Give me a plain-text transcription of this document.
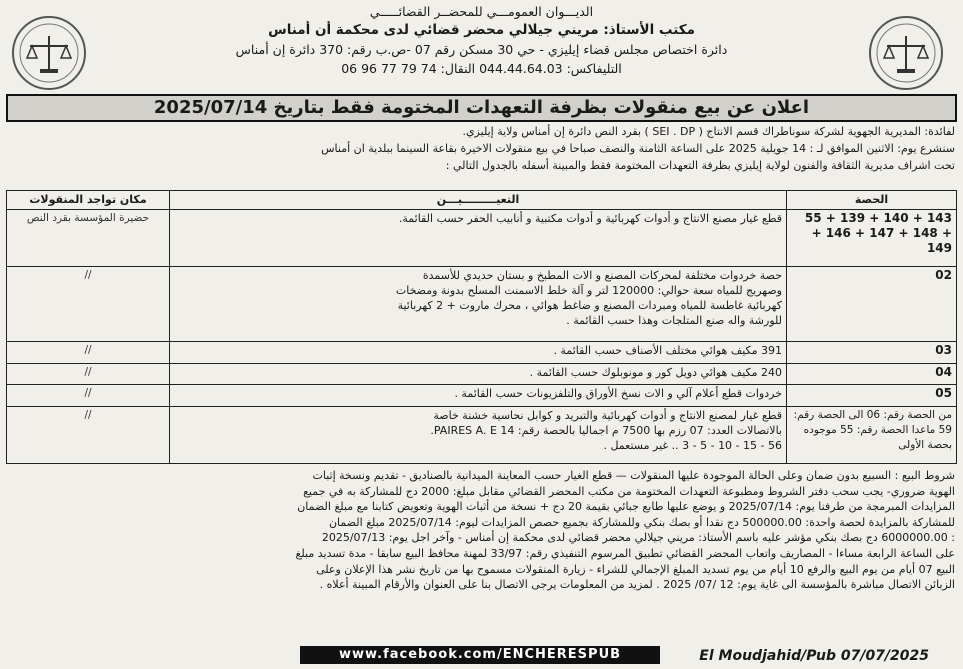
الديـــوان العمومـــي للمحضــر القضائـــــي
مكتب الأستاذ: مريني جيلالي محضر قضائي لدى محكمة أن أمناس
دائرة اختصاص مجلس قضاء إيليزي - حي 30 مسكن رقم 07 -ص.ب رقم: 370 دائرة إن أمناس
التليفاكس: 044.44.64.03 النقال: 74 79 77 96 06
اعلان عن بيع منقولات بظرفة التعهدات المختومة فقط بتاريخ 2025/07/14

لفائدة: المديرية الجهوية لشركة سوناطراك قسم الانتاج ( SEI . DP ) بقرد النص دائرة إن أمناس ولاية إيليزي.

سنشرع يوم: الاثنين الموافق لـ : 14 جويلية 2025 على الساعة الثامنة والنصف صباحا في بيع منقولات الاخيرة بقاعة السينما ببلدية ان أمناس

تحت اشراف مديرية الثقافة والفنون لولاية إيليزي بظرفة التعهدات المختومة فقط والمبينة أسفله بالجدول التالي :

الحصة	التعيـــــــــيـــن	مكان تواجد المنقولات
55 + 139 + 140 + 143 + 146 + 147 + 148 + 149	قطع غيار مصنع الانتاج و أدوات كهربائية و أدوات مكتبية و أنابيب الحفر حسب القائمة.	حضيرة المؤسسة بقرد النص
02	حصة خردوات مختلفة لمحركات المصنع و الات المطبخ و بستان حديدي للأسمدة
وصهريج للمياه سعة حوالي: 120000 لتر و آلة خلط الاسمنت المسلح بدونة ومضخات
كهربائية غاطسة للمياه ومبردات المصنع و ضاغط هوائي ، محرك ماروت + 2 كهربائية
للورشة واله صنع المتلجات وهذا حسب القائمة .	//
03	391 مكيف هوائي مختلف الأصناف حسب القائمة .	//
04	240 مكيف هوائي دويل كور و مونوبلوك حسب القائمة .	//
05	خردوات قطع أعلام آلي و الات نسخ الأوراق والتلفزيونات حسب القائمة .	//
من الحصة رقم: 06 الى الحصة رقم: 59 ماعدا الحصة رقم: 55 موجوده بحصة الأولى	قطع غيار لمصنع الانتاج و أدوات كهربائية والتبريد و كوابل نحاسية خشنة خاصة
بالاتصالات العدد: 07 رزم بها 7500 م اجماليا بالحصة رقم: 14 PAIRES A. E.
56 - 15 - 10 - 5 - 3 .. غير مستعمل .	//

شروط البيع : السبيع بدون ضمان وعلى الحالة الموجودة عليها المنقولات — قطع الغيار حسب المعاينة الميدانية بالصناديق - تقديم ونسخة إثبات

الهوية ضروري- يجب سحب دفتر الشروط ومطبوعة التعهدات المختومة من مكتب المحضر القضائي مقابل مبلغ: 2000 دج للمشاركة به في جميع

المزايدات المبرمجة من طرفنا يوم: 2025/07/14 و يوضع عليها طابع جبائي بقيمة 20 دج + نسخة من أثبات الهوية وتعويض كتابنا مع مبلغ الضمان

للمشاركة بالمزايدة لحصة واحدة: 500000.00 دج نقدا أو بصك بنكي وللمشاركة بجميع حصص المزايدات ليوم: 2025/07/14 مبلغ الضمان

: 6000000.00 دج بصك بنكي مؤشر عليه باسم الأستاذ: مريني جيلالي محضر قضائي لدى محكمة إن أمناس - وآخر اجل يوم: 2025/07/13

على الساعة الرابعة مساءا - المصاريف واتعاب المحضر القضائي تطبيق المرسوم التنفيذي رقم: 33/97 لمهنة محافظ البيع سابقا - مدة تسديد مبلغ

البيع 07 أيام من يوم البيع والرفع 10 أيام من يوم تسديد المبلغ الإجمالي للشراء - زيارة المنقولات مسموح بها من تاريخ نشر هذا الإعلان وعلى

الزبائن الاتصال مباشرة بالمؤسسة الى غاية يوم: 12 /07/ 2025 . لمزيد من المعلومات يرجى الاتصال بنا على العنوان والأرقام المبينة أعلاه .

www.facebook.com/ENCHERESPUB	El Moudjahid/Pub 07/07/2025
